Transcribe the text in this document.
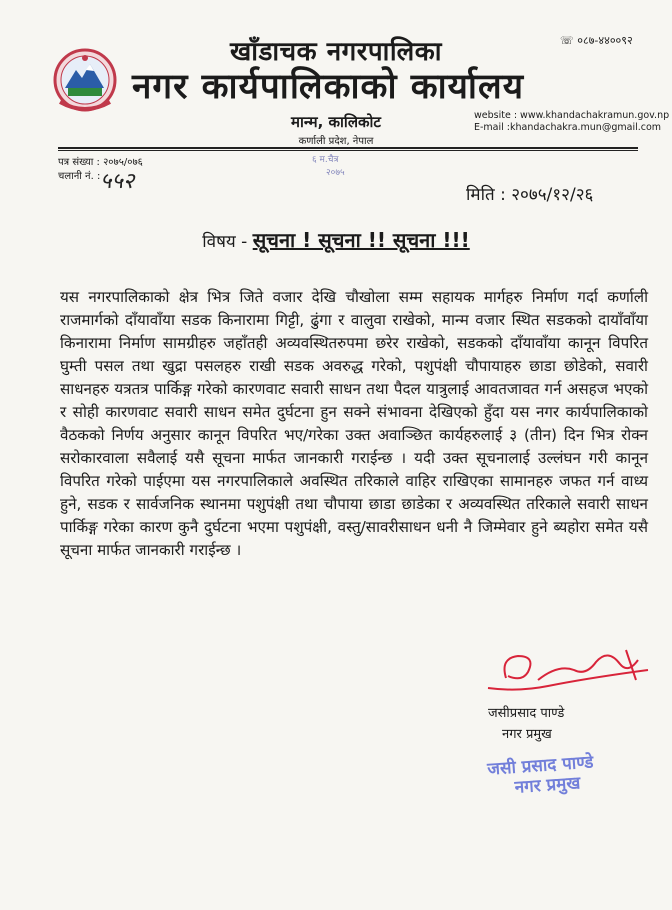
खाँडाचक नगरपालिका
नगर कार्यपालिकाको कार्यालय
मान्म, कालिकोट
कर्णाली प्रदेश, नेपाल
☏ ०८७-४४००९२
website : www.khandachakramun.gov.np
E-mail :khandachakra.mun@gmail.com
६ म.चैत्र
२०७५
पत्र संख्या : २०७५/०७६
चलानी नं. : ५५२
मिति : २०७५/१२/२६
विषय - सूचना ! सूचना !! सूचना !!!
यस नगरपालिकाको क्षेत्र भित्र जिते वजार देखि चौखोला सम्म सहायक मार्गहरु निर्माण गर्दा कर्णाली राजमार्गको दाँयावाँया सडक किनारामा गिट्टी, ढुंगा र वालुवा राखेको, मान्म वजार स्थित सडकको दायाँवाँया किनारामा निर्माण सामग्रीहरु जहाँतही अव्यवस्थितरुपमा छरेर राखेको, सडकको दाँयावाँया कानून विपरित घुम्ती पसल तथा खुद्रा पसलहरु राखी सडक अवरुद्ध गरेको, पशुपंक्षी चौपायाहरु छाडा छोडेको, सवारी साधनहरु यत्रतत्र पार्किङ्ग गरेको कारणवाट सवारी साधन तथा पैदल यात्रुलाई आवतजावत गर्न असहज भएको र सोही कारणवाट सवारी साधन समेत दुर्घटना हुन सक्ने संभावना देखिएको हुँदा यस नगर कार्यपालिकाको वैठकको निर्णय अनुसार कानून विपरित भए/गरेका उक्त अवाञ्छित कार्यहरुलाई ३ (तीन) दिन भित्र रोक्न सरोकारवाला सवैलाई यसै सूचना मार्फत जानकारी गराईन्छ । यदी उक्त सूचनालाई उल्लंघन गरी कानून विपरित गरेको पाईएमा यस नगरपालिकाले अवस्थित तरिकाले वाहिर राखिएका सामानहरु जफत गर्न वाध्य हुने, सडक र सार्वजनिक स्थानमा पशुपंक्षी तथा चौपाया छाडा छाडेका र अव्यवस्थित तरिकाले सवारी साधन पार्किङ्ग गरेका कारण कुनै दुर्घटना भएमा पशुपंक्षी, वस्तु/सावरीसाधन धनी नै जिम्मेवार हुने ब्यहोरा समेत यसै सूचना मार्फत जानकारी गराईन्छ ।
जसीप्रसाद पाण्डे
नगर प्रमुख
जसी प्रसाद पाण्डे
नगर प्रमुख
